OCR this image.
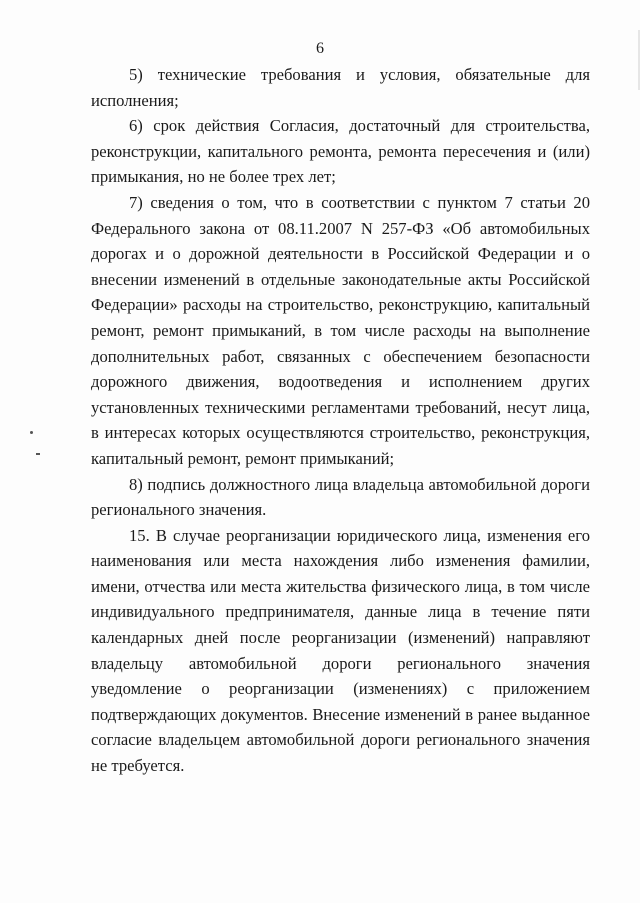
6

5) технические требования и условия, обязательные для исполнения;

6) срок действия Согласия, достаточный для строительства, реконструкции, капитального ремонта, ремонта пересечения и (или) примыкания, но не более трех лет;

7) сведения о том, что в соответствии с пунктом 7 статьи 20 Федерального закона от 08.11.2007 N 257-ФЗ «Об автомобильных дорогах и о дорожной деятельности в Российской Федерации и о внесении изменений в отдельные законодательные акты Российской Федерации» расходы на строительство, реконструкцию, капитальный ремонт, ремонт примыканий, в том числе расходы на выполнение дополнительных работ, связанных с обеспечением безопасности дорожного движения, водоотведения и исполнением других установленных техническими регламентами требований, несут лица, в интересах которых осуществляются строительство, реконструкция, капитальный ремонт, ремонт примыканий;

8) подпись должностного лица владельца автомобильной дороги регионального значения.

15. В случае реорганизации юридического лица, изменения его наименования или места нахождения либо изменения фамилии, имени, отчества или места жительства физического лица, в том числе индивидуального предпринимателя, данные лица в течение пяти календарных дней после реорганизации (изменений) направляют владельцу автомобильной дороги регионального значения уведомление о реорганизации (изменениях) с приложением подтверждающих документов. Внесение изменений в ранее выданное согласие владельцем автомобильной дороги регионального значения не требуется.
